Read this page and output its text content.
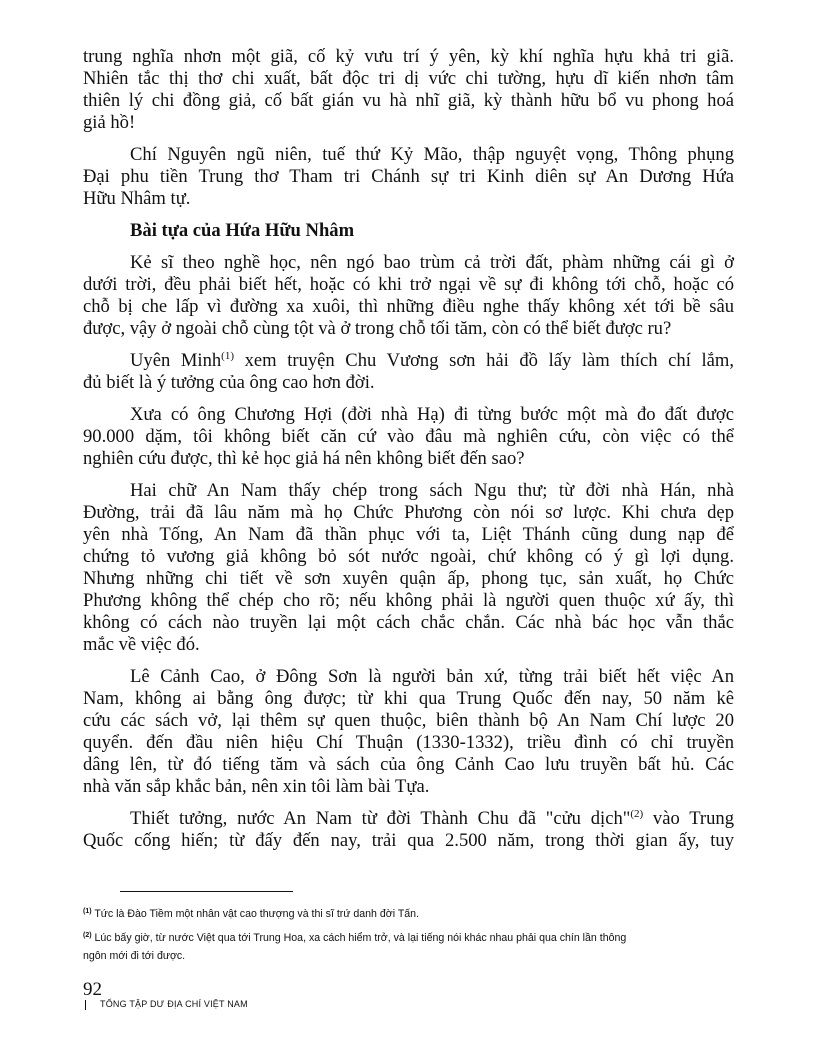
trung nghĩa nhơn một giã, cố kỷ vưu trí ý yên, kỳ khí nghĩa hựu khả tri giã.
Nhiên tắc thị thơ chi xuất, bất độc tri dị vức chi tường, hựu dĩ kiến nhơn tâm
thiên lý chi đồng giả, cố bất gián vu hà nhĩ giã, kỳ thành hữu bổ vu phong hoá
giả hồ!
Chí Nguyên ngũ niên, tuế thứ Kỷ Mão, thập nguyệt vọng, Thông phụng
Đại phu tiền Trung thơ Tham tri Chánh sự tri Kinh diên sự An Dương Hứa
Hữu Nhâm tự.
Bài tựa của Hứa Hữu Nhâm
Kẻ sĩ theo nghề học, nên ngó bao trùm cả trời đất, phàm những cái gì ở
dưới trời, đều phải biết hết, hoặc có khi trở ngại về sự đi không tới chỗ, hoặc có
chỗ bị che lấp vì đường xa xuôi, thì những điều nghe thấy không xét tới bề sâu
được, vậy ở ngoài chỗ cùng tột và ở trong chỗ tối tăm, còn có thể biết được ru?
Uyên Minh$^{(1)}$ xem truyện Chu Vương sơn hải đồ lấy làm thích chí lắm,
đủ biết là ý tưởng của ông cao hơn đời.
Xưa có ông Chương Hợi (đời nhà Hạ) đi từng bước một mà đo đất được
90.000 dặm, tôi không biết căn cứ vào đâu mà nghiên cứu, còn việc có thể
nghiên cứu được, thì kẻ học giả há nên không biết đến sao?
Hai chữ An Nam thấy chép trong sách Ngu thư; từ đời nhà Hán, nhà
Đường, trải đã lâu năm mà họ Chức Phương còn nói sơ lược. Khi chưa dẹp
yên nhà Tống, An Nam đã thần phục với ta, Liệt Thánh cũng dung nạp để
chứng tỏ vương giả không bỏ sót nước ngoài, chứ không có ý gì lợi dụng.
Nhưng những chi tiết về sơn xuyên quận ấp, phong tục, sản xuất, họ Chức
Phương không thể chép cho rõ; nếu không phải là người quen thuộc xứ ấy, thì
không có cách nào truyền lại một cách chắc chắn. Các nhà bác học vẫn thắc
mắc về việc đó.
Lê Cảnh Cao, ở Đông Sơn là người bản xứ, từng trải biết hết việc An
Nam, không ai bằng ông được; từ khi qua Trung Quốc đến nay, 50 năm kê
cứu các sách vở, lại thêm sự quen thuộc, biên thành bộ An Nam Chí lược 20
quyển. đến đầu niên hiệu Chí Thuận (1330-1332), triều đình có chỉ truyền
dâng lên, từ đó tiếng tăm và sách của ông Cảnh Cao lưu truyền bất hủ. Các
nhà văn sắp khắc bản, nên xin tôi làm bài Tựa.
Thiết tưởng, nước An Nam từ đời Thành Chu đã "cửu dịch"$^{(2)}$ vào Trung
Quốc cống hiến; từ đấy đến nay, trải qua 2.500 năm, trong thời gian ấy, tuy
$^{(1)}$ Tức là Đào Tiềm một nhân vật cao thượng và thi sĩ trứ danh đời Tấn.
$^{(2)}$ Lúc bấy giờ, từ nước Việt qua tới Trung Hoa, xa cách hiểm trở, và lại tiếng nói khác nhau phải qua chín lần thông
ngôn mới đi tới được.
92
TỔNG TẬP DƯ ĐỊA CHÍ VIỆT NAM
